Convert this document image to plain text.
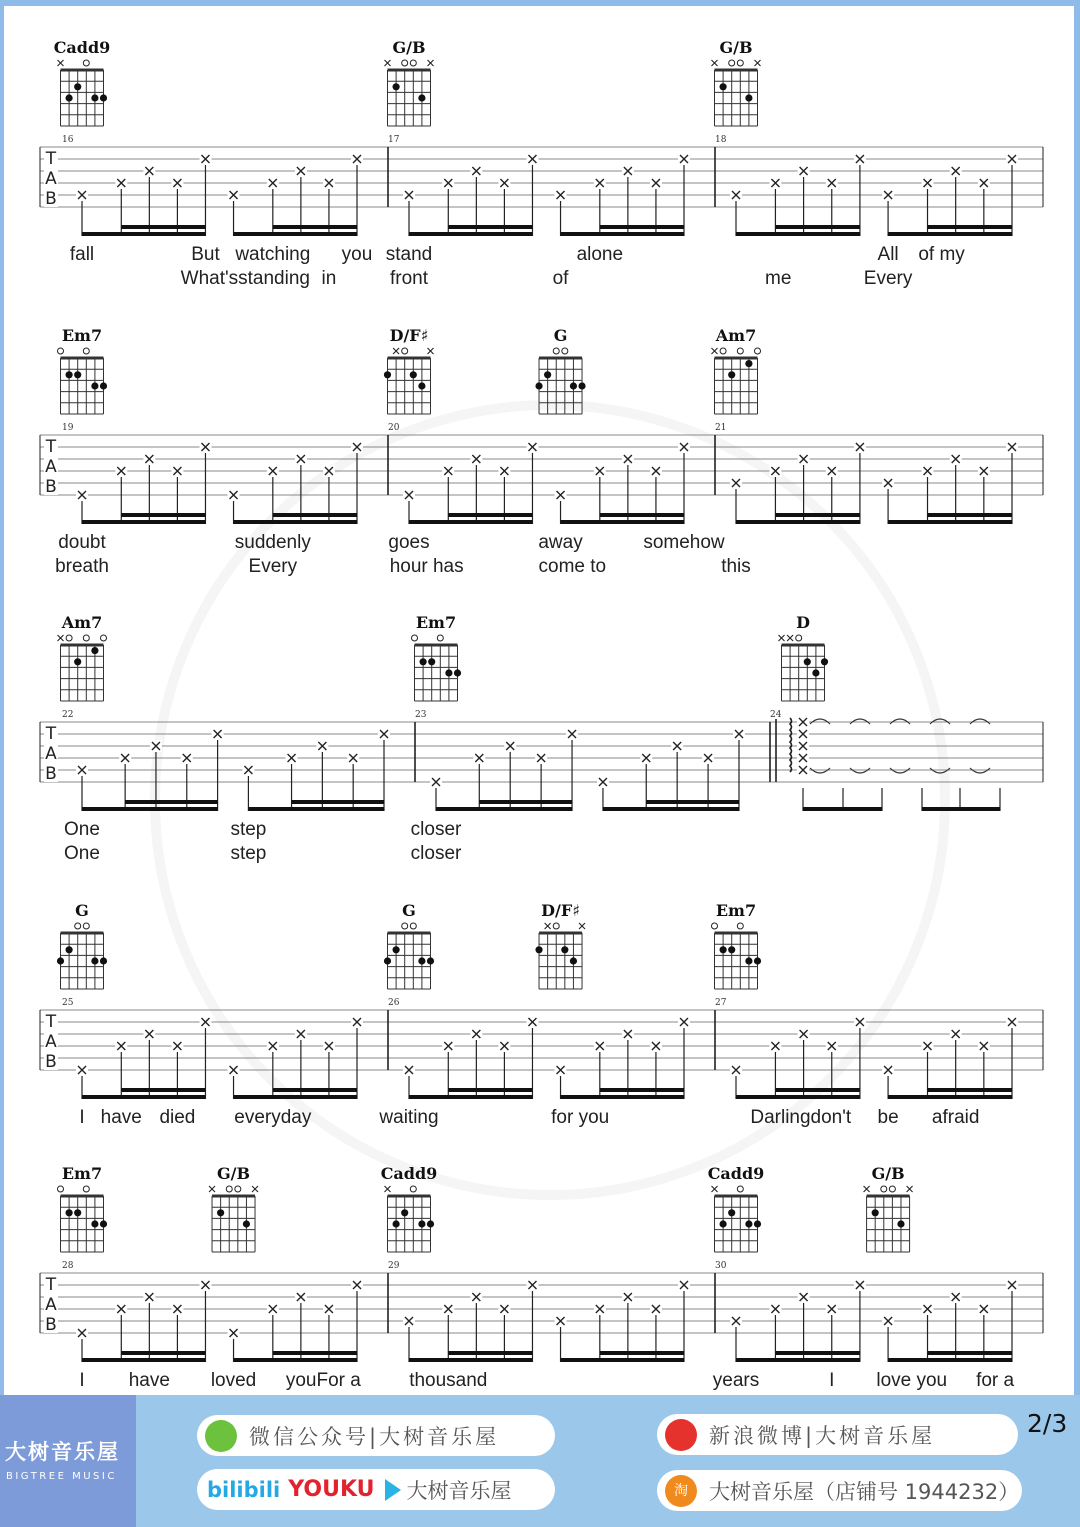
T
A
B
16	17	18
Cadd9	G/B	G/B
fall	But watching you stand	alone	All of my
What'sstanding in	front	of	me	Every
T
A
B
19	20	21
Em7	D/F♯	G	Am7
doubt	suddenly	goes	away	somehow
breath	Every	hour has	come to	this
T
A
B
22	23	24
Am7	Em7	D
One	step	closer
One	step	closer
T
A
B
25	26	27
G	G	D/F♯	Em7
I have died everyday	waiting	for you	Darlingdon't be afraid
T
A
B
28	29	30
Em7	G/B	Cadd9	Cadd9	G/B
I have loved youFor a	thousand	years	I love you for a
大树音乐屋
BIGTREE MUSIC
微信公众号|大树音乐屋
bilibili YOUKU 大树音乐屋
新浪微博|大树音乐屋
淘	大树音乐屋（店铺号 1944232）
2/3
